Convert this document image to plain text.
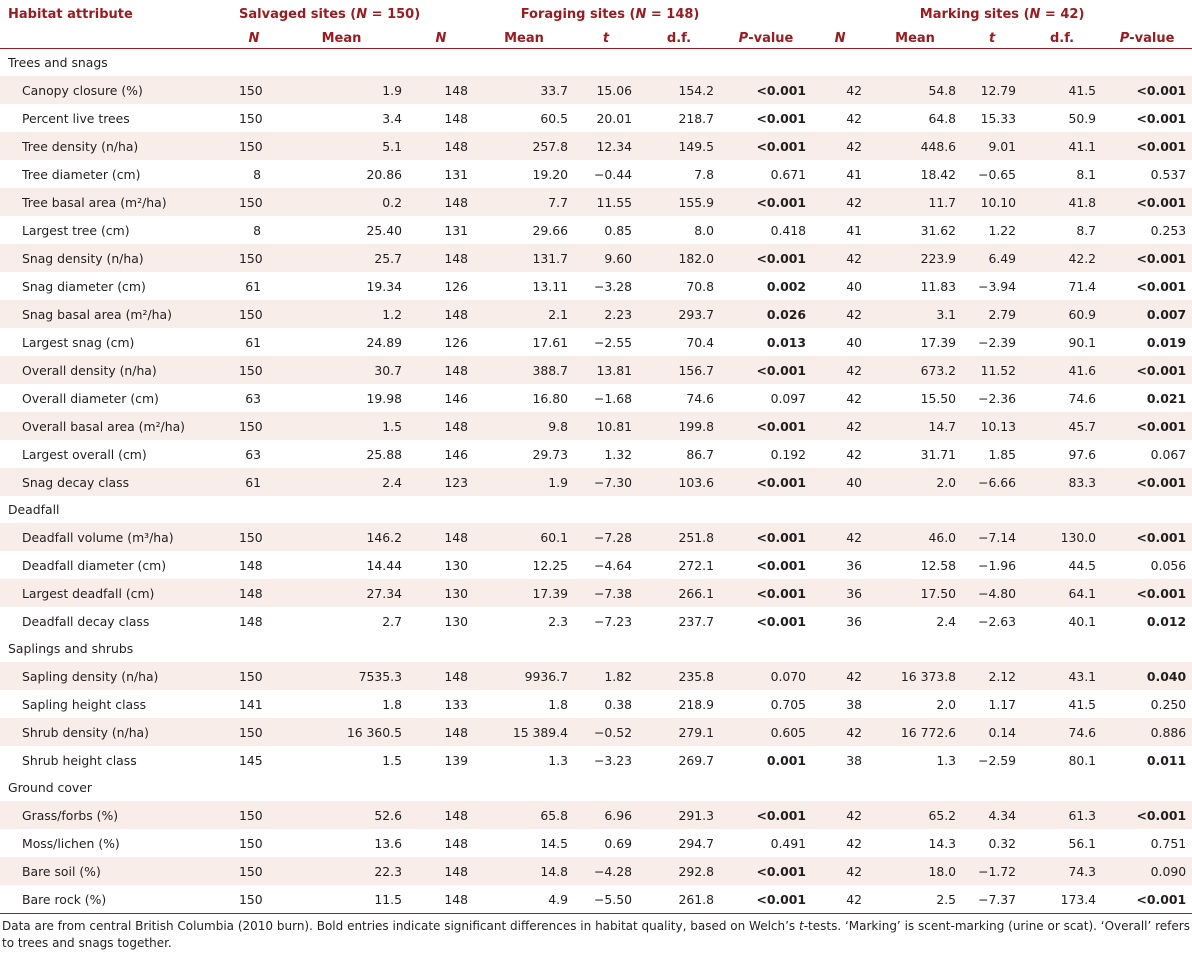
Habitat attribute	Salvaged sites (N = 150)		Foraging sites (N = 148)					Marking sites (N = 42)				
	N	Mean	N	Mean	t	d.f.	P-value	N	Mean	t	d.f.	P-value
Trees and snags												
Canopy closure (%)	150	1.9	148	33.7	15.06	154.2	<0.001	42	54.8	12.79	41.5	<0.001
Percent live trees	150	3.4	148	60.5	20.01	218.7	<0.001	42	64.8	15.33	50.9	<0.001
Tree density (n/ha)	150	5.1	148	257.8	12.34	149.5	<0.001	42	448.6	9.01	41.1	<0.001
Tree diameter (cm)	8	20.86	131	19.20	−0.44	7.8	0.671	41	18.42	−0.65	8.1	0.537
Tree basal area (m²/ha)	150	0.2	148	7.7	11.55	155.9	<0.001	42	11.7	10.10	41.8	<0.001
Largest tree (cm)	8	25.40	131	29.66	0.85	8.0	0.418	41	31.62	1.22	8.7	0.253
Snag density (n/ha)	150	25.7	148	131.7	9.60	182.0	<0.001	42	223.9	6.49	42.2	<0.001
Snag diameter (cm)	61	19.34	126	13.11	−3.28	70.8	0.002	40	11.83	−3.94	71.4	<0.001
Snag basal area (m²/ha)	150	1.2	148	2.1	2.23	293.7	0.026	42	3.1	2.79	60.9	0.007
Largest snag (cm)	61	24.89	126	17.61	−2.55	70.4	0.013	40	17.39	−2.39	90.1	0.019
Overall density (n/ha)	150	30.7	148	388.7	13.81	156.7	<0.001	42	673.2	11.52	41.6	<0.001
Overall diameter (cm)	63	19.98	146	16.80	−1.68	74.6	0.097	42	15.50	−2.36	74.6	0.021
Overall basal area (m²/ha)	150	1.5	148	9.8	10.81	199.8	<0.001	42	14.7	10.13	45.7	<0.001
Largest overall (cm)	63	25.88	146	29.73	1.32	86.7	0.192	42	31.71	1.85	97.6	0.067
Snag decay class	61	2.4	123	1.9	−7.30	103.6	<0.001	40	2.0	−6.66	83.3	<0.001
Deadfall												
Deadfall volume (m³/ha)	150	146.2	148	60.1	−7.28	251.8	<0.001	42	46.0	−7.14	130.0	<0.001
Deadfall diameter (cm)	148	14.44	130	12.25	−4.64	272.1	<0.001	36	12.58	−1.96	44.5	0.056
Largest deadfall (cm)	148	27.34	130	17.39	−7.38	266.1	<0.001	36	17.50	−4.80	64.1	<0.001
Deadfall decay class	148	2.7	130	2.3	−7.23	237.7	<0.001	36	2.4	−2.63	40.1	0.012
Saplings and shrubs												
Sapling density (n/ha)	150	7535.3	148	9936.7	1.82	235.8	0.070	42	16 373.8	2.12	43.1	0.040
Sapling height class	141	1.8	133	1.8	0.38	218.9	0.705	38	2.0	1.17	41.5	0.250
Shrub density (n/ha)	150	16 360.5	148	15 389.4	−0.52	279.1	0.605	42	16 772.6	0.14	74.6	0.886
Shrub height class	145	1.5	139	1.3	−3.23	269.7	0.001	38	1.3	−2.59	80.1	0.011
Ground cover												
Grass/forbs (%)	150	52.6	148	65.8	6.96	291.3	<0.001	42	65.2	4.34	61.3	<0.001
Moss/lichen (%)	150	13.6	148	14.5	0.69	294.7	0.491	42	14.3	0.32	56.1	0.751
Bare soil (%)	150	22.3	148	14.8	−4.28	292.8	<0.001	42	18.0	−1.72	74.3	0.090
Bare rock (%)	150	11.5	148	4.9	−5.50	261.8	<0.001	42	2.5	−7.37	173.4	<0.001
Data are from central British Columbia (2010 burn). Bold entries indicate significant differences in habitat quality, based on Welch’s t-tests. ‘Marking’ is scent-marking (urine or scat). ‘Overall’ refers to trees and snags together.
